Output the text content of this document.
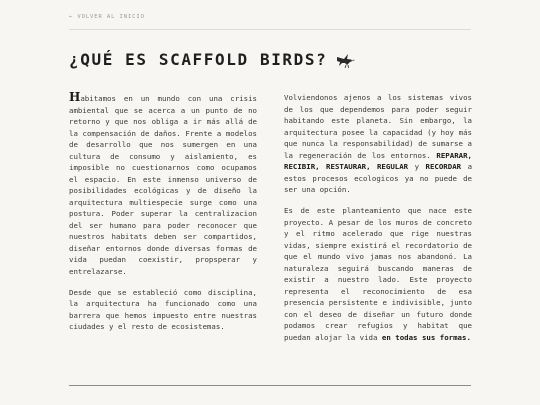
← VOLVER AL INICIO
¿QUÉ ES SCAFFOLD BIRDS?

Habitamos en un mundo con una crisis ambiental que se acerca a un punto de no retorno y que nos obliga a ir más allá de la compensación de daños. Frente a modelos de desarrollo que nos sumergen en una cultura de consumo y aislamiento, es imposible no cuestionarnos como ocupamos el espacio. En este inmenso universo de posibilidades ecológicas y de diseño la arquitectura multiespecie surge como una postura. Poder superar la centralizacion del ser humano para poder reconocer que nuestros habitats deben ser compartidos, diseñar entornos donde diversas formas de vida puedan coexistir, propsperar y entrelazarse.

Desde que se estableció como disciplina, la arquitectura ha funcionado como una barrera que hemos impuesto entre nuestras ciudades y el resto de ecosistemas.

Volviendonos ajenos a los sistemas vivos de los que dependemos para poder seguir habitando este planeta. Sin embargo, la arquitectura posee la capacidad (y hoy más que nunca la responsabilidad) de sumarse a la regeneración de los entornos. REPARAR, RECIBIR, RESTAURAR, REGULAR y RECORDAR a estos procesos ecologicos ya no puede de ser una opción.

Es de este planteamiento que nace este proyecto. A pesar de los muros de concreto y el ritmo acelerado que rige nuestras vidas, siempre existirá el recordatorio de que el mundo vivo jamas nos abandonó. La naturaleza seguirá buscando maneras de existir a nuestro lado. Este proyecto representa el reconocimiento de esa presencia persistente e indivisible, junto con el deseo de diseñar un futuro donde podamos crear refugios y habitat que puedan alojar la vida en todas sus formas.
